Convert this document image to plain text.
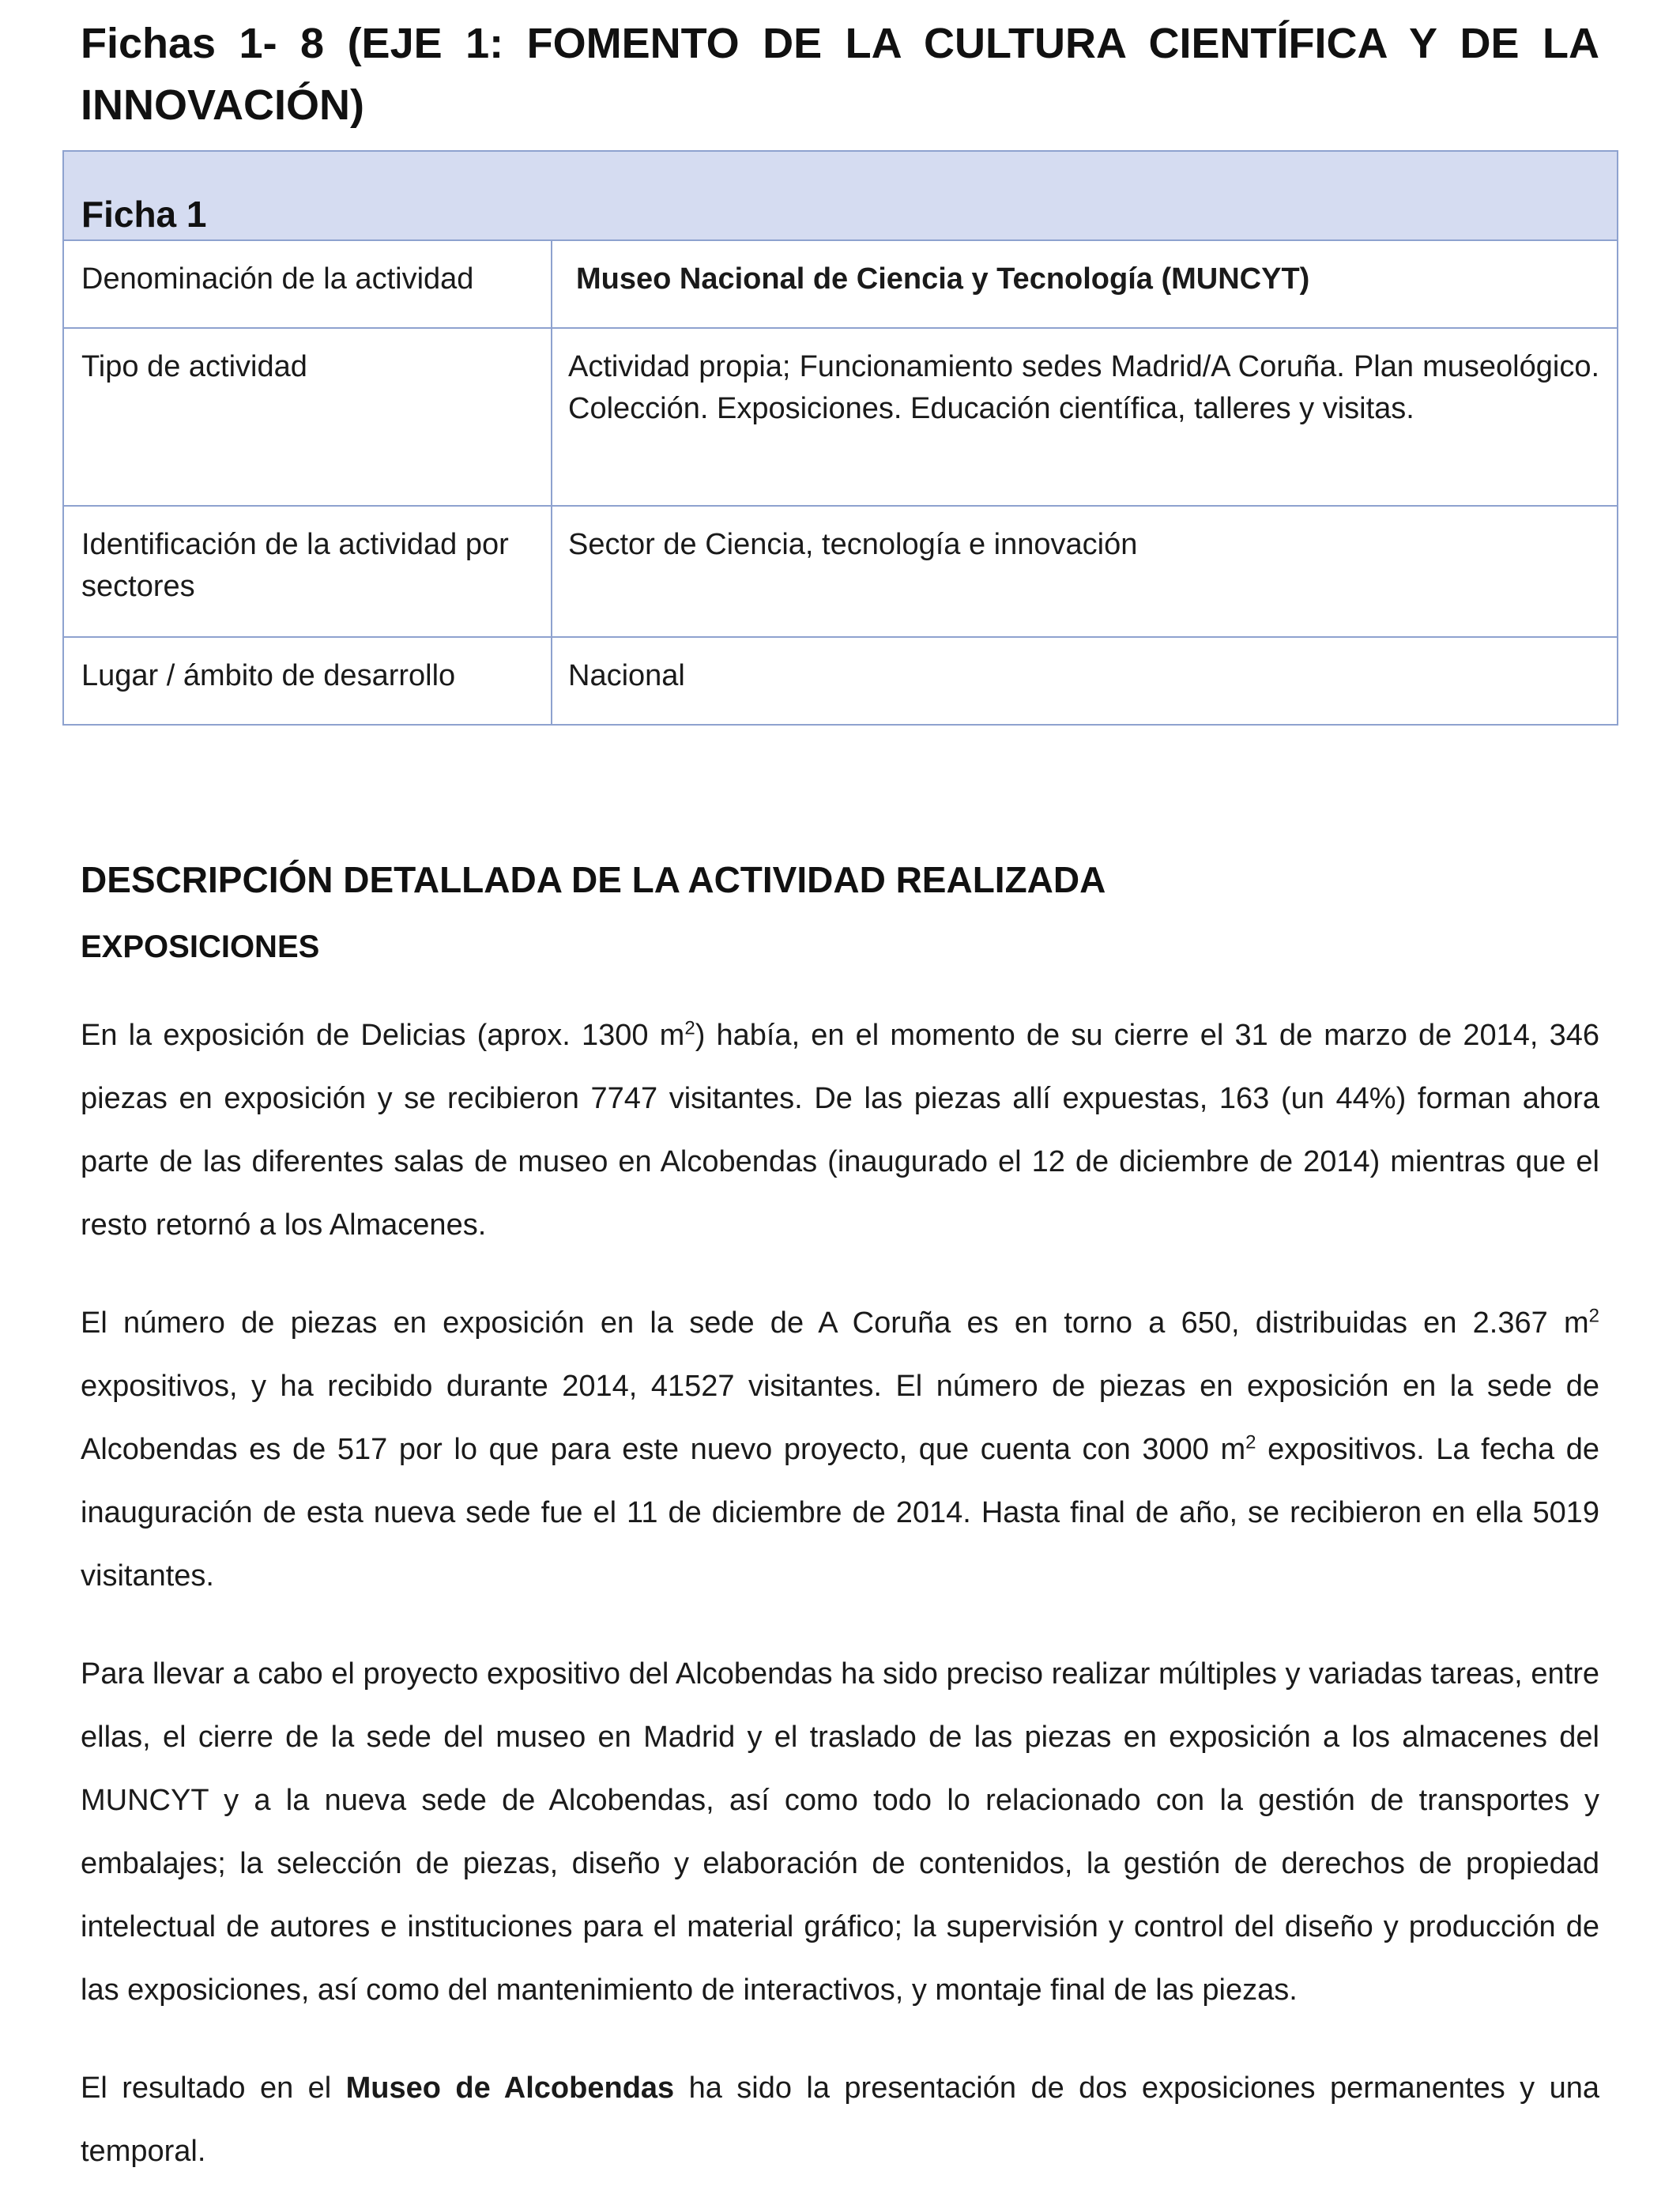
Fichas 1- 8 (EJE 1: FOMENTO DE LA CULTURA CIENTÍFICA Y DE LA INNOVACIÓN)
Ficha 1	

Denominación de la actividad	Museo Nacional de Ciencia y Tecnología (MUNCYT)

Tipo de actividad	Actividad propia; Funcionamiento sedes Madrid/A Coruña. Plan museológico. Colección. Exposiciones. Educación científica, talleres y visitas.

Identificación de la actividad por sectores	Sector de Ciencia, tecnología e innovación

Lugar / ámbito de desarrollo	Nacional
DESCRIPCIÓN DETALLADA DE LA ACTIVIDAD REALIZADA
EXPOSICIONES

En la exposición de Delicias (aprox. 1300 $m^2$) había, en el momento de su cierre el 31 de marzo de 2014, 346 piezas en exposición y se recibieron 7747 visitantes. De las piezas allí expuestas, 163 (un 44%) forman ahora parte de las diferentes salas de museo en Alcobendas (inaugurado el 12 de diciembre de 2014) mientras que el resto retornó a los Almacenes.

El número de piezas en exposición en la sede de A Coruña es en torno a 650, distribuidas en 2.367 $m^2$ expositivos, y ha recibido durante 2014, 41527 visitantes. El número de piezas en exposición en la sede de Alcobendas es de 517 por lo que para este nuevo proyecto, que cuenta con 3000 $m^2$ expositivos. La fecha de inauguración de esta nueva sede fue el 11 de diciembre de 2014. Hasta final de año, se recibieron en ella 5019 visitantes.

Para llevar a cabo el proyecto expositivo del Alcobendas ha sido preciso realizar múltiples y variadas tareas, entre ellas, el cierre de la sede del museo en Madrid y el traslado de las piezas en exposición a los almacenes del MUNCYT y a la nueva sede de Alcobendas, así como todo lo relacionado con la gestión de transportes y embalajes; la selección de piezas, diseño y elaboración de contenidos, la gestión de derechos de propiedad intelectual de autores e instituciones para el material gráfico; la supervisión y control del diseño y producción de las exposiciones, así como del mantenimiento de interactivos, y montaje final de las piezas.

El resultado en el Museo de Alcobendas ha sido la presentación de dos exposiciones permanentes y una temporal.
